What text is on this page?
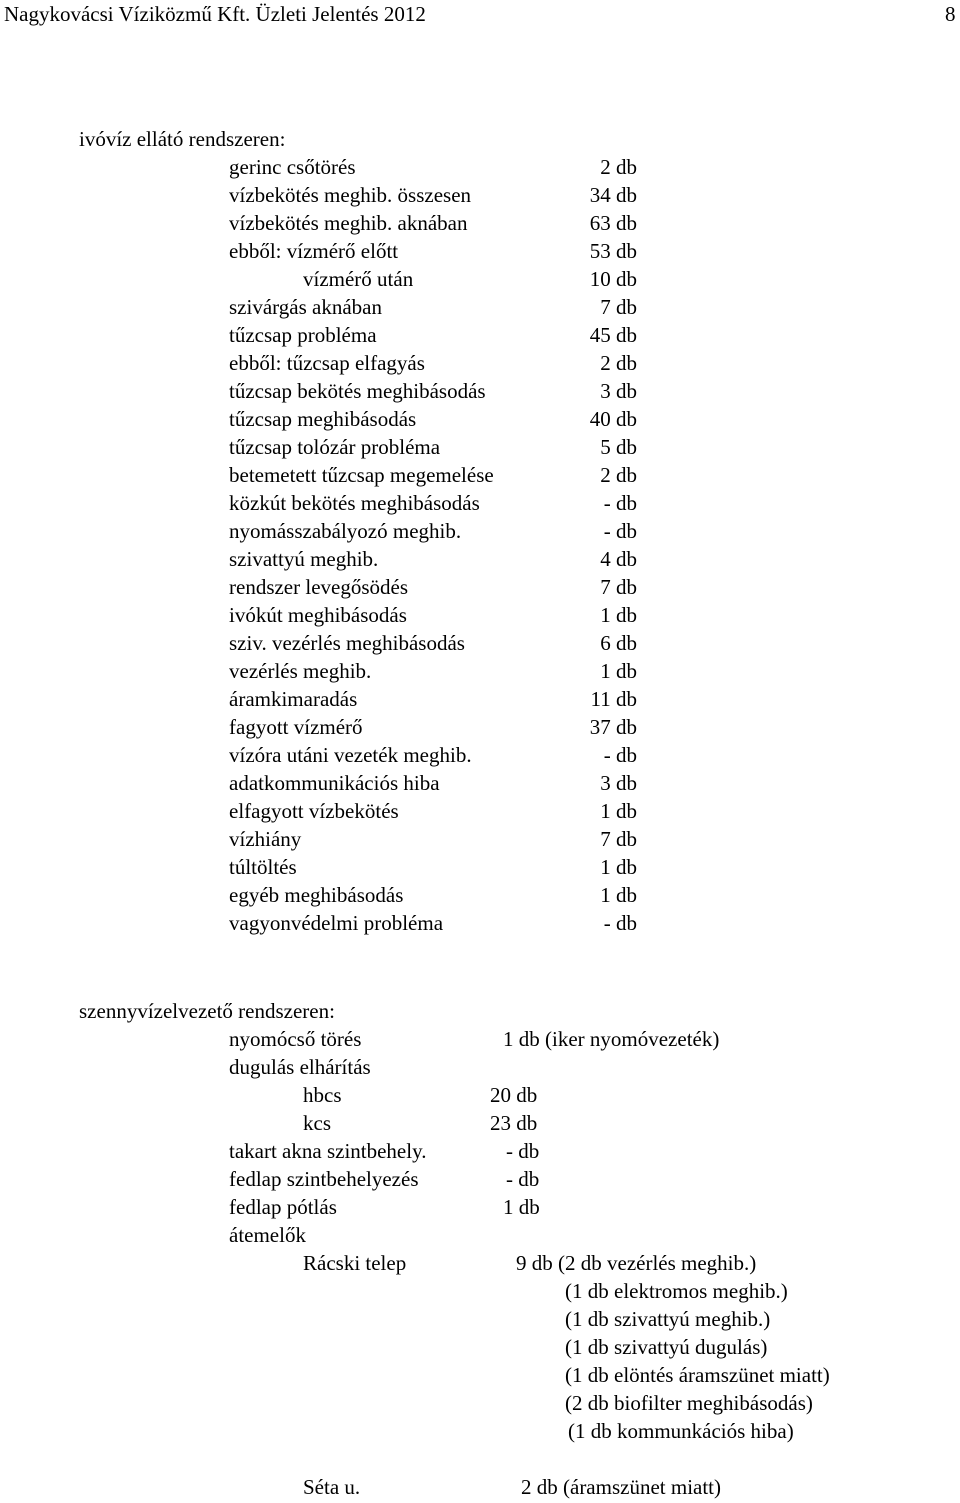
Nagykovácsi Víziközmű Kft. Üzleti Jelentés 2012	8
ivóvíz ellátó rendszeren:
gerinc csőtörés	2 db
vízbekötés meghib. összesen	34 db
vízbekötés meghib. aknában	63 db
ebből: vízmérő előtt	53 db
vízmérő után	10 db
szivárgás aknában	7 db
tűzcsap probléma	45 db
ebből: tűzcsap elfagyás	2 db
tűzcsap bekötés meghibásodás	3 db
tűzcsap meghibásodás	40 db
tűzcsap tolózár probléma	5 db
betemetett tűzcsap megemelése	2 db
közkút bekötés meghibásodás	- db
nyomásszabályozó meghib.	- db
szivattyú meghib.	4 db
rendszer levegősödés	7 db
ivókút meghibásodás	1 db
sziv. vezérlés meghibásodás	6 db
vezérlés meghib.	1 db
áramkimaradás	11 db
fagyott vízmérő	37 db
vízóra utáni vezeték meghib.	- db
adatkommunikációs hiba	3 db
elfagyott vízbekötés	1 db
vízhiány	7 db
túltöltés	1 db
egyéb meghibásodás	1 db
vagyonvédelmi probléma	- db
szennyvízelvezető rendszeren:
nyomócső törés	1 db (iker nyomóvezeték)
dugulás elhárítás
hbcs	20 db
kcs	23 db
takart akna szintbehely.	- db
fedlap szintbehelyezés	- db
fedlap pótlás	1 db
átemelők
Rácski telep	9 db (2 db vezérlés meghib.)
(1 db elektromos meghib.)
(1 db szivattyú meghib.)
(1 db szivattyú dugulás)
(1 db elöntés áramszünet miatt)
(2 db biofilter meghibásodás)
(1 db kommunkációs hiba)
Séta u.	2 db (áramszünet miatt)
